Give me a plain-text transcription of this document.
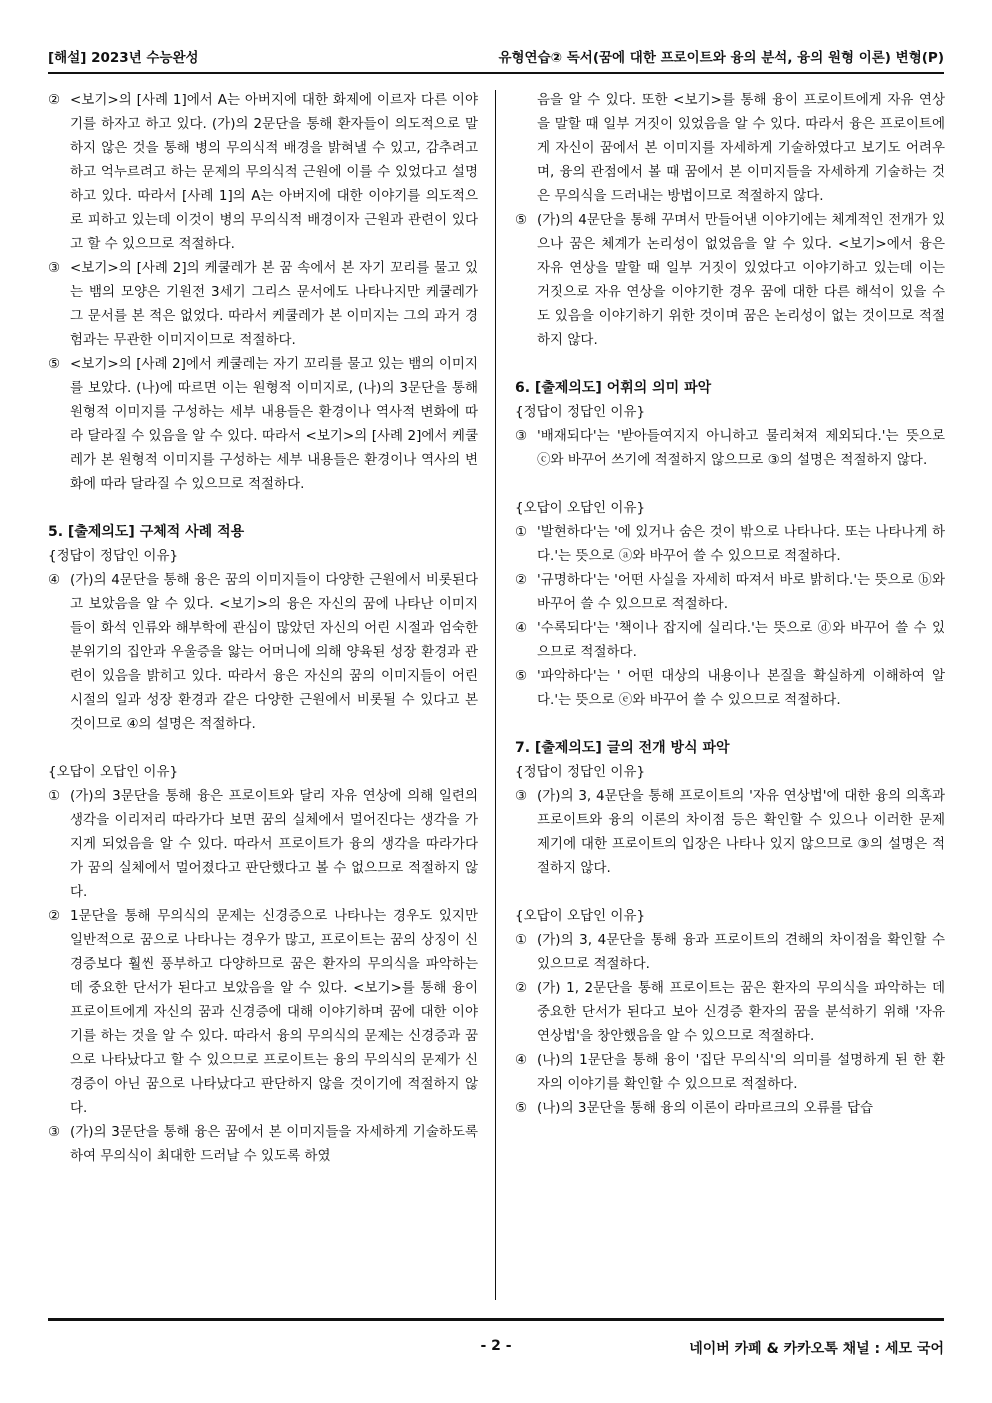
[해설] 2023년 수능완성	유형연습② 독서(꿈에 대한 프로이트와 융의 분석, 융의 원형 이론) 변형(P)
② <보기>의 [사례 1]에서 A는 아버지에 대한 화제에 이르자 다른 이야기를 하자고 하고 있다. (가)의 2문단을 통해 환자들이 의도적으로 말하지 않은 것을 통해 병의 무의식적 배경을 밝혀낼 수 있고, 감추려고 하고 억누르려고 하는 문제의 무의식적 근원에 이를 수 있었다고 설명하고 있다. 따라서 [사례 1]의 A는 아버지에 대한 이야기를 의도적으로 피하고 있는데 이것이 병의 무의식적 배경이자 근원과 관련이 있다고 할 수 있으므로 적절하다.
③ <보기>의 [사례 2]의 케쿨레가 본 꿈 속에서 본 자기 꼬리를 물고 있는 뱀의 모양은 기원전 3세기 그리스 문서에도 나타나지만 케쿨레가 그 문서를 본 적은 없었다. 따라서 케쿨레가 본 이미지는 그의 과거 경험과는 무관한 이미지이므로 적절하다.
⑤ <보기>의 [사례 2]에서 케쿨레는 자기 꼬리를 물고 있는 뱀의 이미지를 보았다. (나)에 따르면 이는 원형적 이미지로, (나)의 3문단을 통해 원형적 이미지를 구성하는 세부 내용들은 환경이나 역사적 변화에 따라 달라질 수 있음을 알 수 있다. 따라서 <보기>의 [사례 2]에서 케쿨레가 본 원형적 이미지를 구성하는 세부 내용들은 환경이나 역사의 변화에 따라 달라질 수 있으므로 적절하다.

5. [출제의도] 구체적 사례 적용

{정답이 정답인 이유}

④ (가)의 4문단을 통해 융은 꿈의 이미지들이 다양한 근원에서 비롯된다고 보았음을 알 수 있다. <보기>의 융은 자신의 꿈에 나타난 이미지들이 화석 인류와 해부학에 관심이 많았던 자신의 어린 시절과 엄숙한 분위기의 집안과 우울증을 앓는 어머니에 의해 양육된 성장 환경과 관련이 있음을 밝히고 있다. 따라서 융은 자신의 꿈의 이미지들이 어린 시절의 일과 성장 환경과 같은 다양한 근원에서 비롯될 수 있다고 본 것이므로 ④의 설명은 적절하다.

{오답이 오답인 이유}

① (가)의 3문단을 통해 융은 프로이트와 달리 자유 연상에 의해 일련의 생각을 이리저리 따라가다 보면 꿈의 실체에서 멀어진다는 생각을 가지게 되었음을 알 수 있다. 따라서 프로이트가 융의 생각을 따라가다가 꿈의 실체에서 멀어졌다고 판단했다고 볼 수 없으므로 적절하지 않다.
② 1문단을 통해 무의식의 문제는 신경증으로 나타나는 경우도 있지만 일반적으로 꿈으로 나타나는 경우가 많고, 프로이트는 꿈의 상징이 신경증보다 훨씬 풍부하고 다양하므로 꿈은 환자의 무의식을 파악하는데 중요한 단서가 된다고 보았음을 알 수 있다. <보기>를 통해 융이 프로이트에게 자신의 꿈과 신경증에 대해 이야기하며 꿈에 대한 이야기를 하는 것을 알 수 있다. 따라서 융의 무의식의 문제는 신경증과 꿈으로 나타났다고 할 수 있으므로 프로이트는 융의 무의식의 문제가 신경증이 아닌 꿈으로 나타났다고 판단하지 않을 것이기에 적절하지 않다.
③ (가)의 3문단을 통해 융은 꿈에서 본 이미지들을 자세하게 기술하도록 하여 무의식이 최대한 드러날 수 있도록 하였
음을 알 수 있다. 또한 <보기>를 통해 융이 프로이트에게 자유 연상을 말할 때 일부 거짓이 있었음을 알 수 있다. 따라서 융은 프로이트에게 자신이 꿈에서 본 이미지를 자세하게 기술하였다고 보기도 어려우며, 융의 관점에서 볼 때 꿈에서 본 이미지들을 자세하게 기술하는 것은 무의식을 드러내는 방법이므로 적절하지 않다.
⑤ (가)의 4문단을 통해 꾸며서 만들어낸 이야기에는 체계적인 전개가 있으나 꿈은 체계가 논리성이 없었음을 알 수 있다. <보기>에서 융은 자유 연상을 말할 때 일부 거짓이 있었다고 이야기하고 있는데 이는 거짓으로 자유 연상을 이야기한 경우 꿈에 대한 다른 해석이 있을 수도 있음을 이야기하기 위한 것이며 꿈은 논리성이 없는 것이므로 적절하지 않다.

6. [출제의도] 어휘의 의미 파악

{정답이 정답인 이유}

③ '배재되다'는 '받아들여지지 아니하고 물리쳐져 제외되다.'는 뜻으로 ⓒ와 바꾸어 쓰기에 적절하지 않으므로 ③의 설명은 적절하지 않다.

{오답이 오답인 이유}

① '발현하다'는 '에 있거나 숨은 것이 밖으로 나타나다. 또는 나타나게 하다.'는 뜻으로 ⓐ와 바꾸어 쓸 수 있으므로 적절하다.
② '규명하다'는 '어떤 사실을 자세히 따져서 바로 밝히다.'는 뜻으로 ⓑ와 바꾸어 쓸 수 있으므로 적절하다.
④ '수록되다'는 '책이나 잡지에 실리다.'는 뜻으로 ⓓ와 바꾸어 쓸 수 있으므로 적절하다.
⑤ '파악하다'는 ' 어떤 대상의 내용이나 본질을 확실하게 이해하여 알다.'는 뜻으로 ⓔ와 바꾸어 쓸 수 있으므로 적절하다.

7. [출제의도] 글의 전개 방식 파악

{정답이 정답인 이유}

③ (가)의 3, 4문단을 통해 프로이트의 '자유 연상법'에 대한 융의 의혹과 프로이트와 융의 이론의 차이점 등은 확인할 수 있으나 이러한 문제 제기에 대한 프로이트의 입장은 나타나 있지 않으므로 ③의 설명은 적절하지 않다.

{오답이 오답인 이유}

① (가)의 3, 4문단을 통해 융과 프로이트의 견해의 차이점을 확인할 수 있으므로 적절하다.
② (가) 1, 2문단을 통해 프로이트는 꿈은 환자의 무의식을 파악하는 데 중요한 단서가 된다고 보아 신경증 환자의 꿈을 분석하기 위해 '자유 연상법'을 창안했음을 알 수 있으므로 적절하다.
④ (나)의 1문단을 통해 융이 '집단 무의식'의 의미를 설명하게 된 한 환자의 이야기를 확인할 수 있으므로 적절하다.
⑤ (나)의 3문단을 통해 융의 이론이 라마르크의 오류를 답습
- 2 -	네이버 카페 & 카카오톡 채널 : 세모 국어
